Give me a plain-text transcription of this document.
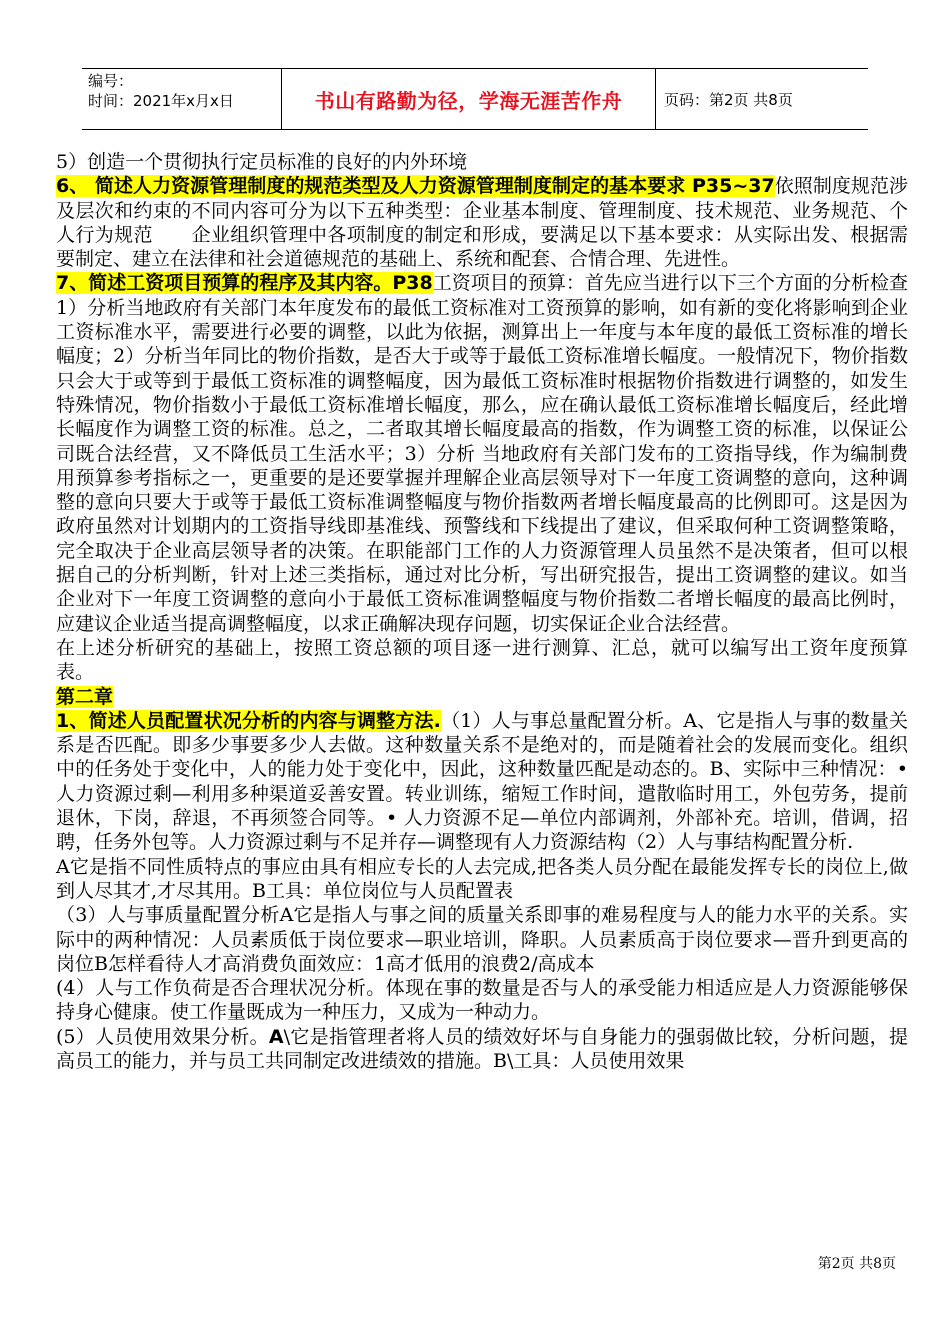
编号：
时间：2021年x月x日	书山有路勤为径，学海无涯苦作舟	页码：第2页 共8页

5）创造一个贯彻执行定员标准的良好的内外环境

6、 简述人力资源管理制度的规范类型及人力资源管理制度制定的基本要求 P35~37依照制度规范涉及层次和约束的不同内容可分为以下五种类型：企业基本制度、管理制度、技术规范、业务规范、个人行为规范　　企业组织管理中各项制度的制定和形成，要满足以下基本要求：从实际出发、根据需要制定、建立在法律和社会道德规范的基础上、系统和配套、合情合理、先进性。

7、简述工资项目预算的程序及其内容。P38工资项目的预算：首先应当进行以下三个方面的分析检查1）分析当地政府有关部门本年度发布的最低工资标准对工资预算的影响，如有新的变化将影响到企业工资标准水平，需要进行必要的调整，以此为依据，测算出上一年度与本年度的最低工资标准的增长幅度；2）分析当年同比的物价指数，是否大于或等于最低工资标准增长幅度。一般情况下，物价指数只会大于或等到于最低工资标准的调整幅度，因为最低工资标准时根据物价指数进行调整的，如发生特殊情况，物价指数小于最低工资标准增长幅度，那么，应在确认最低工资标准增长幅度后，经此增长幅度作为调整工资的标准。总之，二者取其增长幅度最高的指数，作为调整工资的标准，以保证公司既合法经营，又不降低员工生活水平；3）分析 当地政府有关部门发布的工资指导线，作为编制费用预算参考指标之一，更重要的是还要掌握并理解企业高层领导对下一年度工资调整的意向，这种调整的意向只要大于或等于最低工资标准调整幅度与物价指数两者增长幅度最高的比例即可。这是因为政府虽然对计划期内的工资指导线即基准线、预警线和下线提出了建议，但采取何种工资调整策略，完全取决于企业高层领导者的决策。在职能部门工作的人力资源管理人员虽然不是决策者，但可以根据自己的分析判断，针对上述三类指标，通过对比分析，写出研究报告，提出工资调整的建议。如当企业对下一年度工资调整的意向小于最低工资标准调整幅度与物价指数二者增长幅度的最高比例时，应建议企业适当提高调整幅度，以求正确解决现存问题，切实保证企业合法经营。

在上述分析研究的基础上，按照工资总额的项目逐一进行测算、汇总，就可以编写出工资年度预算表。

第二章

1、简述人员配置状况分析的内容与调整方法.（1）人与事总量配置分析。A、它是指人与事的数量关系是否匹配。即多少事要多少人去做。这种数量关系不是绝对的，而是随着社会的发展而变化。组织中的任务处于变化中，人的能力处于变化中，因此，这种数量匹配是动态的。B、实际中三种情况：• 人力资源过剩—利用多种渠道妥善安置。转业训练，缩短工作时间，遣散临时用工，外包劳务，提前退休，下岗，辞退，不再须签合同等。• 人力资源不足—单位内部调剂，外部补充。培训，借调，招聘，任务外包等。人力资源过剩与不足并存—调整现有人力资源结构（2）人与事结构配置分析.

A它是指不同性质特点的事应由具有相应专长的人去完成,把各类人员分配在最能发挥专长的岗位上,做到人尽其才,才尽其用。B工具：单位岗位与人员配置表

（3）人与事质量配置分析A它是指人与事之间的质量关系即事的难易程度与人的能力水平的关系。实际中的两种情况：人员素质低于岗位要求—职业培训，降职。人员素质高于岗位要求—晋升到更高的岗位B怎样看待人才高消费负面效应：1高才低用的浪费2/高成本

(4）人与工作负荷是否合理状况分析。体现在事的数量是否与人的承受能力相适应是人力资源能够保持身心健康。使工作量既成为一种压力，又成为一种动力。

(5）人员使用效果分析。A\它是指管理者将人员的绩效好坏与自身能力的强弱做比较，分析问题，提高员工的能力，并与员工共同制定改进绩效的措施。B\工具：人员使用效果

第2页 共8页
